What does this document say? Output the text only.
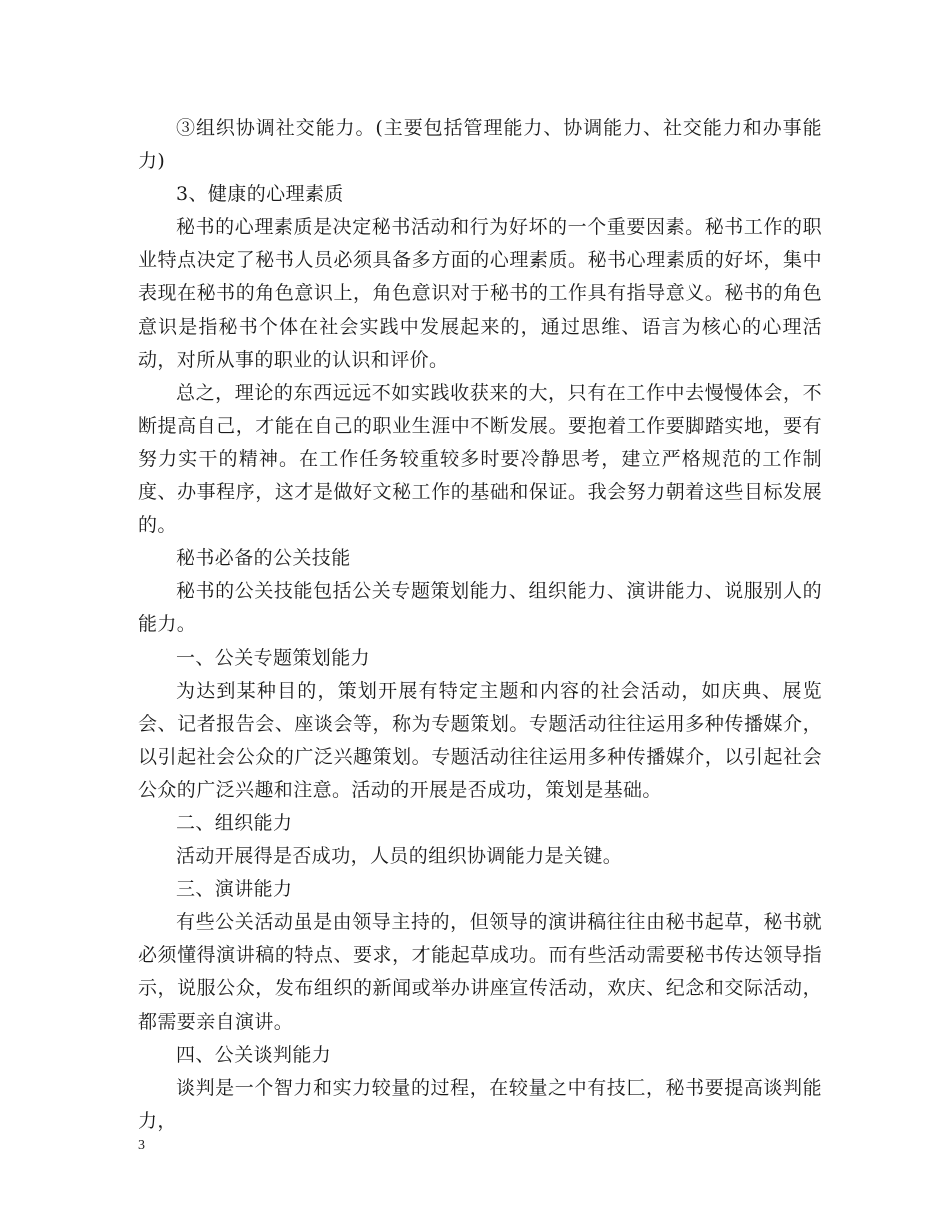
③组织协调社交能力。(主要包括管理能力、协调能力、社交能力和办事能力)

3、健康的心理素质

秘书的心理素质是决定秘书活动和行为好坏的一个重要因素。秘书工作的职业特点决定了秘书人员必须具备多方面的心理素质。秘书心理素质的好坏，集中表现在秘书的角色意识上，角色意识对于秘书的工作具有指导意义。秘书的角色意识是指秘书个体在社会实践中发展起来的，通过思维、语言为核心的心理活动，对所从事的职业的认识和评价。

总之，理论的东西远远不如实践收获来的大，只有在工作中去慢慢体会，不断提高自己，才能在自己的职业生涯中不断发展。要抱着工作要脚踏实地，要有努力实干的精神。在工作任务较重较多时要冷静思考，建立严格规范的工作制度、办事程序，这才是做好文秘工作的基础和保证。我会努力朝着这些目标发展的。

秘书必备的公关技能

秘书的公关技能包括公关专题策划能力、组织能力、演讲能力、说服别人的能力。

一、公关专题策划能力

为达到某种目的，策划开展有特定主题和内容的社会活动，如庆典、展览会、记者报告会、座谈会等，称为专题策划。专题活动往往运用多种传播媒介，以引起社会公众的广泛兴趣策划。专题活动往往运用多种传播媒介，以引起社会公众的广泛兴趣和注意。活动的开展是否成功，策划是基础。

二、组织能力

活动开展得是否成功，人员的组织协调能力是关键。

三、演讲能力

有些公关活动虽是由领导主持的，但领导的演讲稿往往由秘书起草，秘书就必须懂得演讲稿的特点、要求，才能起草成功。而有些活动需要秘书传达领导指示，说服公众，发布组织的新闻或举办讲座宣传活动，欢庆、纪念和交际活动，都需要亲自演讲。

四、公关谈判能力

谈判是一个智力和实力较量的过程，在较量之中有技匚，秘书要提高谈判能力，

3
